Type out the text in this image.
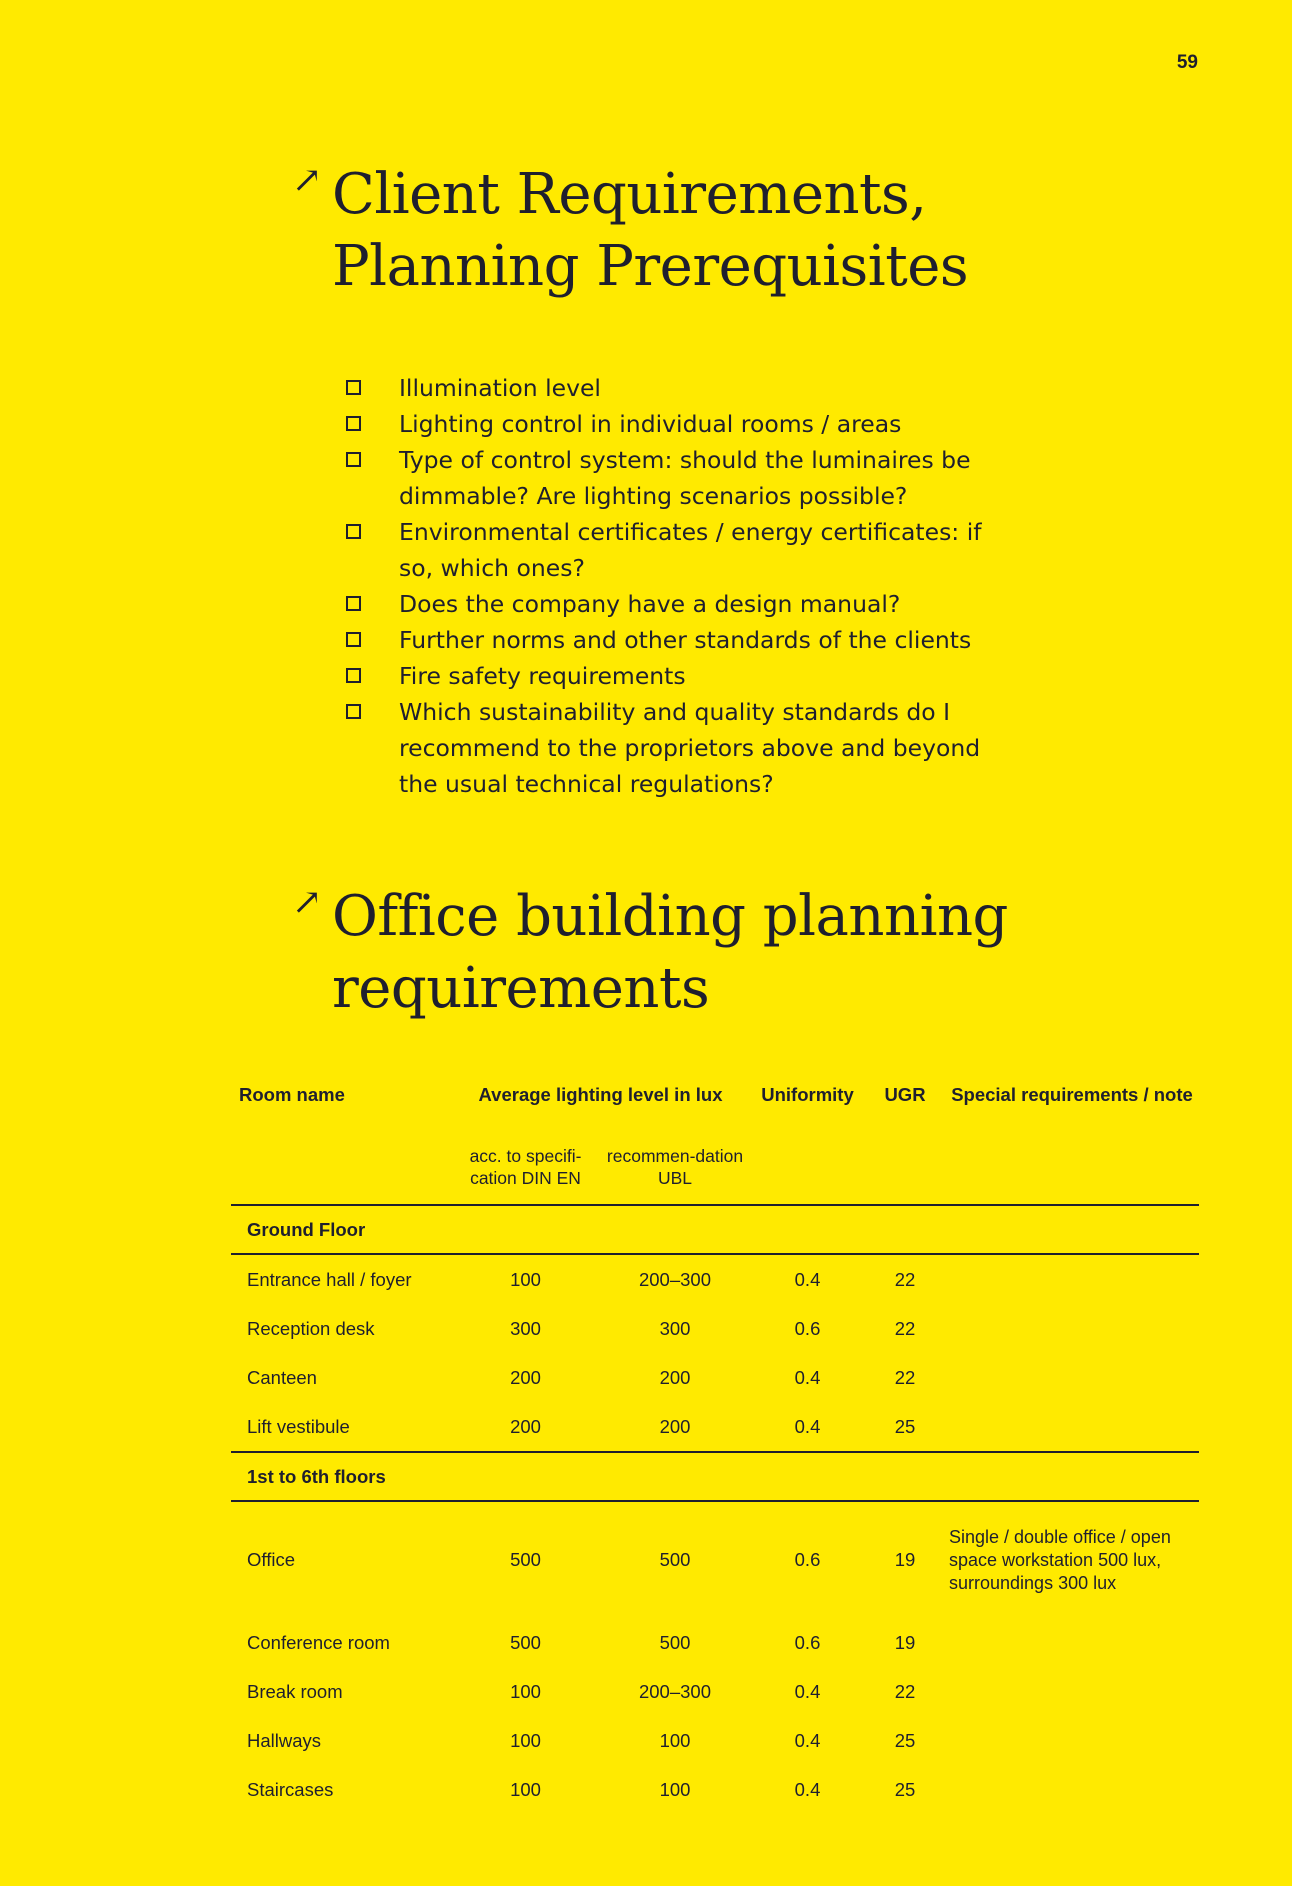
59
↗ Client Requirements,
Planning Prerequisites
Illumination level
Lighting control in individual rooms / areas
Type of control system: should the luminaires be dimmable? Are lighting scenarios possible?
Environmental certificates / energy certificates: if so, which ones?
Does the company have a design manual?
Further norms and other standards of the clients
Fire safety requirements
Which sustainability and quality standards do I recommend to the proprietors above and beyond the usual technical regulations?
↗ Office building planning
requirements
Room name	Average lighting level in lux		Uniformity	UGR	Special requirements / note
	acc. to specifi-cation DIN EN	recommen-dation UBL			
Ground Floor					
Entrance hall / foyer	100	200–300	0.4	22	
Reception desk	300	300	0.6	22	
Canteen	200	200	0.4	22	
Lift vestibule	200	200	0.4	25	
1st to 6th floors					
Office	500	500	0.6	19	Single / double office / open space workstation 500 lux, surroundings 300 lux
Conference room	500	500	0.6	19	
Break room	100	200–300	0.4	22	
Hallways	100	100	0.4	25	
Staircases	100	100	0.4	25	
